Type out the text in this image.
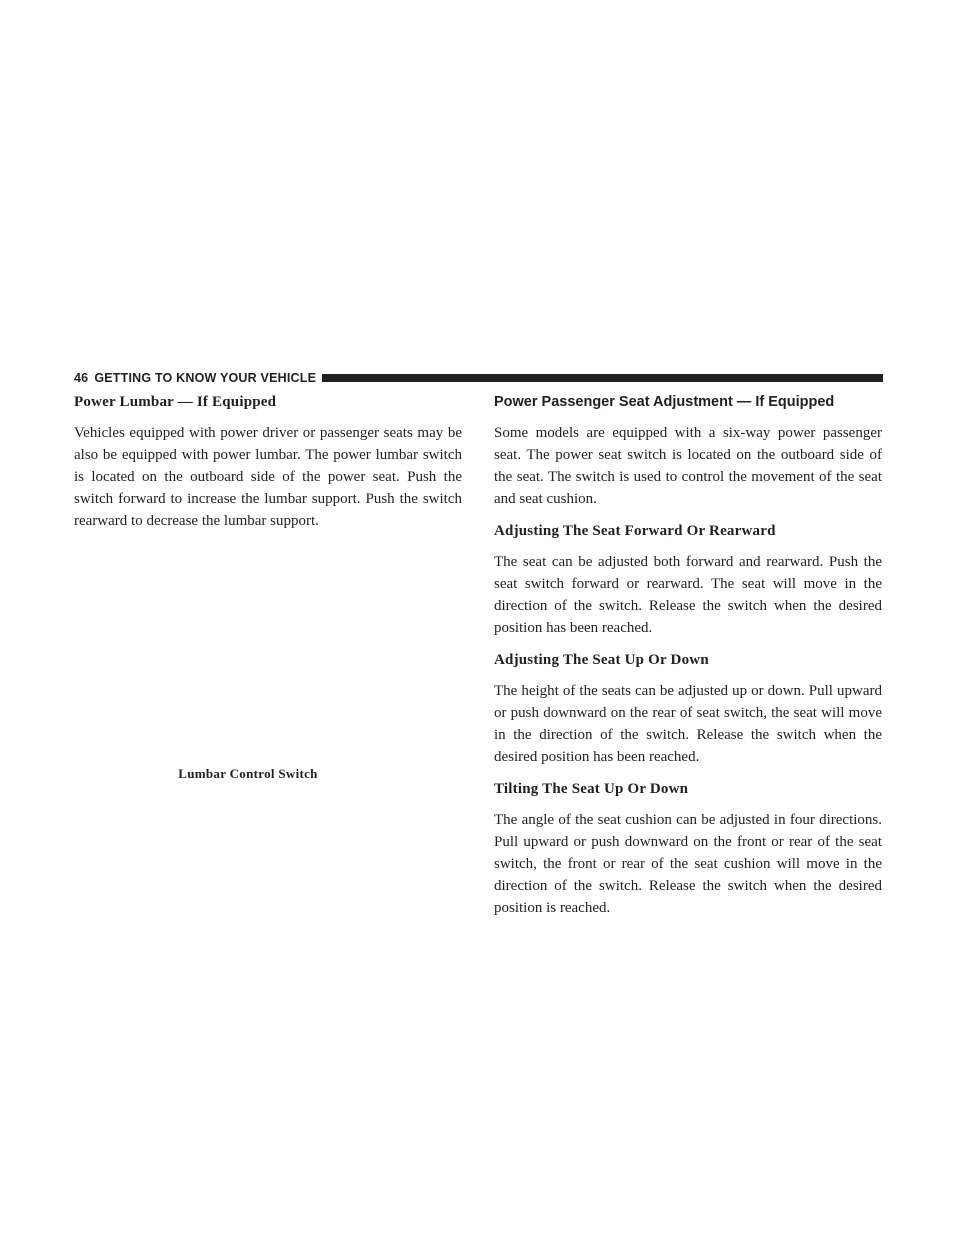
46 GETTING TO KNOW YOUR VEHICLE
Power Lumbar — If Equipped

Vehicles equipped with power driver or passenger seats may be also be equipped with power lumbar. The power lumbar switch is located on the outboard side of the power seat. Push the switch forward to increase the lumbar support. Push the switch rearward to decrease the lumbar support.

Lumbar Control Switch
Power Passenger Seat Adjustment — If Equipped

Some models are equipped with a six-way power passenger seat. The power seat switch is located on the outboard side of the seat. The switch is used to control the movement of the seat and seat cushion.

Adjusting The Seat Forward Or Rearward

The seat can be adjusted both forward and rearward. Push the seat switch forward or rearward. The seat will move in the direction of the switch. Release the switch when the desired position has been reached.

Adjusting The Seat Up Or Down

The height of the seats can be adjusted up or down. Pull upward or push downward on the rear of seat switch, the seat will move in the direction of the switch. Release the switch when the desired position has been reached.

Tilting The Seat Up Or Down

The angle of the seat cushion can be adjusted in four directions. Pull upward or push downward on the front or rear of the seat switch, the front or rear of the seat cushion will move in the direction of the switch. Release the switch when the desired position is reached.
